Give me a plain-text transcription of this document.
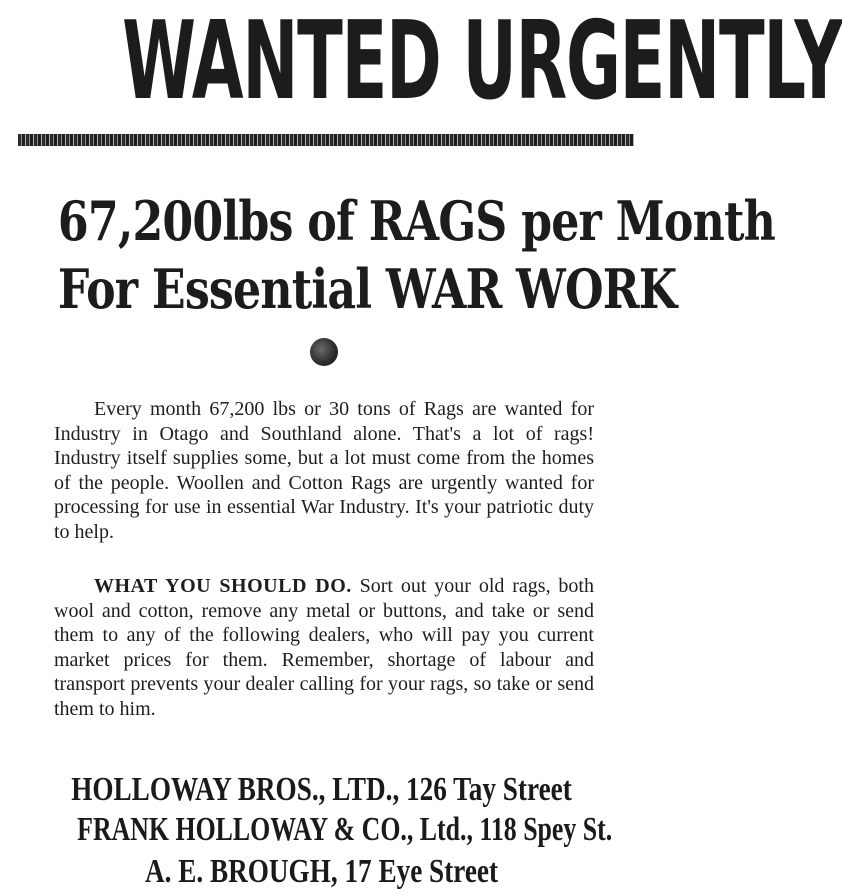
WANTED URGENTLY
67,200lbs of RAGS per Month
For Essential WAR WORK

Every month 67,200 lbs or 30 tons of Rags are wanted for Industry in Otago and Southland alone. That's a lot of rags! Industry itself supplies some, but a lot must come from the homes of the people. Woollen and Cotton Rags are urgently wanted for processing for use in essential War Industry. It's your patriotic duty to help.

WHAT YOU SHOULD DO. Sort out your old rags, both wool and cotton, remove any metal or buttons, and take or send them to any of the following dealers, who will pay you current market prices for them. Remember, shortage of labour and transport prevents your dealer calling for your rags, so take or send them to him.

HOLLOWAY BROS., LTD., 126 Tay Street
FRANK HOLLOWAY & CO., Ltd., 118 Spey St.
A. E. BROUGH, 17 Eye Street
